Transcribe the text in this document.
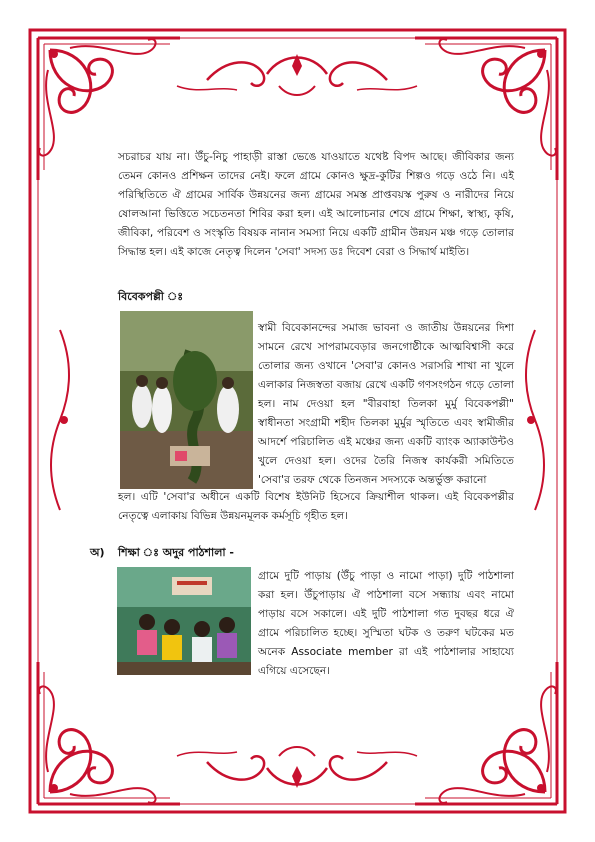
সচরাচর যায় না। উঁচু-নিচু পাহাড়ী রাস্তা ভেঙে যাওয়াতে যথেষ্ট বিপদ আছে। জীবিকার জন্য তেমন কোনও প্রশিক্ষন তাদের নেই। ফলে গ্রামে কোনও ক্ষুদ্র-কুটির শিল্পও গড়ে ওঠে নি। এই পরিস্থিতিতে ঐ গ্রামের সার্বিক উন্নয়নের জন্য গ্রামের সমস্ত প্রাপ্তবয়স্ক পুরুষ ও নারীদের নিয়ে ষোলআনা ভিত্তিতে সচেতনতা শিবির করা হল। এই আলোচনার শেষে গ্রামে শিক্ষা, স্বাস্থ্য, কৃষি, জীবিকা, পরিবেশ ও সংস্কৃতি বিষয়ক নানান সমস্যা নিয়ে একটি গ্রামীন উন্নয়ন মঞ্চ গড়ে তোলার সিদ্ধান্ত হল। এই কাজে নেতৃত্ব দিলেন 'সেবা' সদস্য ডঃ দিবেশ বেরা ও সিদ্ধার্থ মাইতি।

বিবেকপল্লী ঃ

স্বামী বিবেকানন্দের সমাজ ভাবনা ও জাতীয় উন্নয়নের দিশা সামনে রেখে সাপরামবেড়ার জনগোষ্ঠীকে আত্মবিশ্বাসী করে তোলার জন্য ওখানে 'সেবা'র কোনও সরাসরি শাখা না খুলে এলাকার নিজস্বতা বজায় রেখে একটি গণসংগঠন গড়ে তোলা হল। নাম দেওয়া হল "বীরবাহা তিলকা মুর্মু বিবেকপল্লী" স্বাধীনতা সংগ্রামী শহীদ তিলকা মুর্মুর স্মৃতিতে এবং স্বামীজীর আদর্শে পরিচালিত এই মঞ্চের জন্য একটি ব্যাংক অ্যাকাউন্টও খুলে দেওয়া হল। ওদের তৈরি নিজস্ব কার্যকরী সমিতিতে 'সেবা'র তরফ থেকে তিনজন সদস্যকে অন্তর্ভুক্ত করানো

হল। এটি 'সেবা'র অধীনে একটি বিশেষ ইউনিট হিসেবে ক্রিয়াশীল থাকল। এই বিবেকপল্লীর নেতৃত্বে এলাকায় বিভিন্ন উন্নয়নমূলক কর্মসূচি গৃহীত হল।

অ) শিক্ষা ঃ অদুর পাঠশালা -

গ্রামে দুটি পাড়ায় (উঁচু পাড়া ও নামো পাড়া) দুটি পাঠশালা করা হল। উঁচুপাড়ায় ঐ পাঠশালা বসে সন্ধ্যায় এবং নামো পাড়ায় বসে সকালে। এই দুটি পাঠশালা গত দুবছর ধরে ঐ গ্রামে পরিচালিত হচ্ছে। সুস্মিতা ঘটক ও তরুণ ঘটকের মত অনেক Associate member রা এই পাঠশালার সাহায্যে এগিয়ে এসেছেন।
